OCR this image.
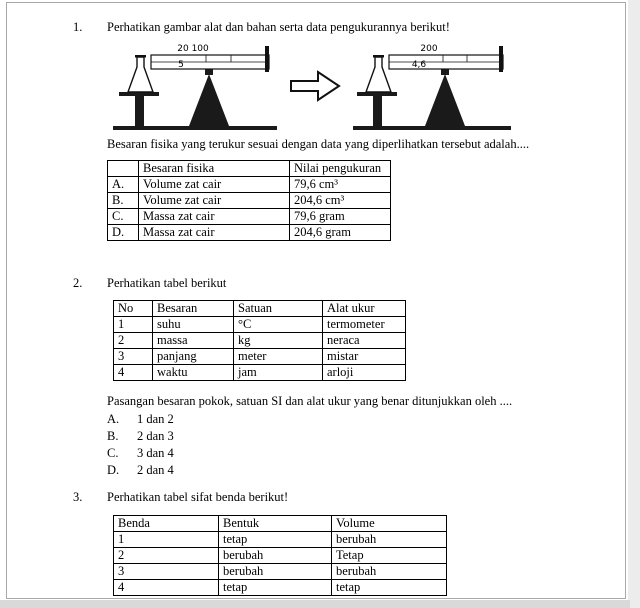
1.	Perhatikan gambar alat dan bahan serta data pengukurannya berikut!

20 100
5
200
4,6

Besaran fisika yang terukur sesuai dengan data yang diperlihatkan tersebut adalah....

	Besaran fisika	Nilai pengukuran
A.	Volume zat cair	79,6 cm³
B.	Volume zat cair	204,6 cm³
C.	Massa zat cair	79,6 gram
D.	Massa zat cair	204,6 gram
2.	Perhatikan tabel berikut

No	Besaran	Satuan	Alat ukur
1	suhu	°C	termometer
2	massa	kg	neraca
3	panjang	meter	mistar
4	waktu	jam	arloji

Pasangan besaran pokok, satuan SI dan alat ukur yang benar ditunjukkan oleh ....

A.	1 dan 2
B.	2 dan 3
C.	3 dan 4
D.	2 dan 4
3.	Perhatikan tabel sifat benda berikut!

Benda	Bentuk	Volume
1	tetap	berubah
2	berubah	Tetap
3	berubah	berubah
4	tetap	tetap
